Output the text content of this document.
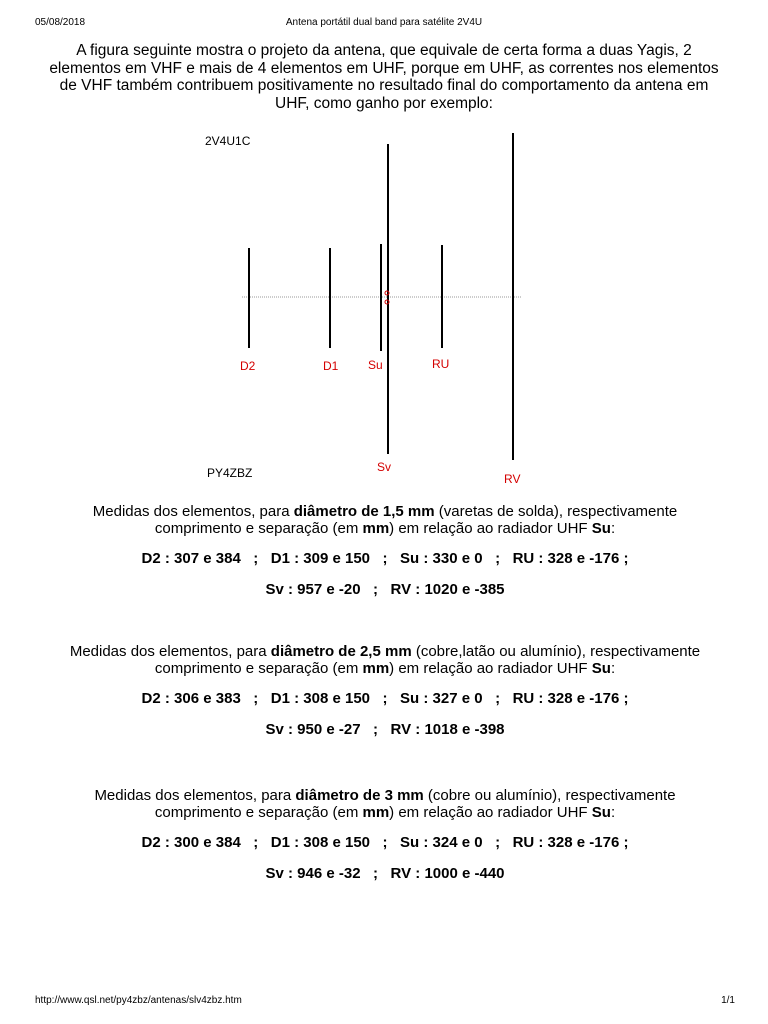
05/08/2018	Antena portátil dual band para satélite 2V4U
A figura seguinte mostra o projeto da antena, que equivale de certa forma a duas Yagis, 2 elementos em VHF e mais de 4 elementos em UHF, porque em UHF, as correntes nos elementos de VHF também contribuem positivamente no resultado final do comportamento da antena em UHF, como ganho por exemplo:
2V4U1C
PY4ZBZ
D2	D1 Su	RU
Sv
RV
Medidas dos elementos, para diâmetro de 1,5 mm (varetas de solda), respectivamente
comprimento e separação (em mm) em relação ao radiador UHF Su:
D2 : 307 e 384   ;   D1 : 309 e 150   ;   Su : 330 e 0   ;   RU : 328 e -176 ;
Sv : 957 e -20   ;   RV : 1020 e -385
Medidas dos elementos, para diâmetro de 2,5 mm (cobre,latão ou alumínio), respectivamente
comprimento e separação (em mm) em relação ao radiador UHF Su:
D2 : 306 e 383   ;   D1 : 308 e 150   ;   Su : 327 e 0   ;   RU : 328 e -176 ;
Sv : 950 e -27   ;   RV : 1018 e -398
Medidas dos elementos, para diâmetro de 3 mm (cobre ou alumínio), respectivamente
comprimento e separação (em mm) em relação ao radiador UHF Su:
D2 : 300 e 384   ;   D1 : 308 e 150   ;   Su : 324 e 0   ;   RU : 328 e -176 ;
Sv : 946 e -32   ;   RV : 1000 e -440
http://www.qsl.net/py4zbz/antenas/slv4zbz.htm	1/1
